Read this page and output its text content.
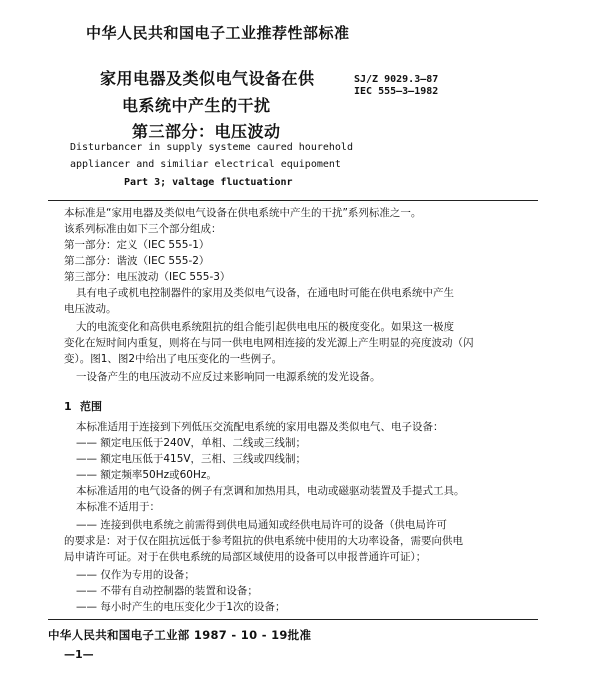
中华人民共和国电子工业推荐性部标准
家用电器及类似电气设备在供
电系统中产生的干扰
第三部分：电压波动
SJ/Z 9029.3—87
IEC 555—3—1982
Disturbancer in supply systeme caured hourehold
appliancer and similiar electrical equipoment
Part 3; valtage fluctuationr
本标准是“家用电器及类似电气设备在供电系统中产生的干扰”系列标准之一。
该系列标准由如下三个部分组成：
第一部分：定义（IEC 555-1）
第二部分：谐波（IEC 555-2）
第三部分：电压波动（IEC 555-3）
具有电子或机电控制器件的家用及类似电气设备，在通电时可能在供电系统中产生
电压波动。
大的电流变化和高供电系统阻抗的组合能引起供电电压的极度变化。如果这一极度
变化在短时间内重复，则将在与同一供电电网相连接的发光源上产生明显的亮度波动（闪
变）。图1、图2中给出了电压变化的一些例子。
一设备产生的电压波动不应反过来影响同一电源系统的发光设备。
1 范围
本标准适用于连接到下列低压交流配电系统的家用电器及类似电气、电子设备：
—— 额定电压低于240V，单相、二线或三线制；
—— 额定电压低于415V，三相、三线或四线制；
—— 额定频率50Hz或60Hz。
本标准适用的电气设备的例子有烹调和加热用具，电动或磁驱动装置及手提式工具。
本标准不适用于：
—— 连接到供电系统之前需得到供电局通知或经供电局许可的设备（供电局许可
的要求是：对于仅在阻抗远低于参考阻抗的供电系统中使用的大功率设备，需要向供电
局申请许可证。对于在供电系统的局部区域使用的设备可以申报普通许可证）；
—— 仅作为专用的设备；
—— 不带有自动控制器的装置和设备；
—— 每小时产生的电压变化少于1次的设备；
中华人民共和国电子工业部 1987 - 10 - 19批准
—1—
